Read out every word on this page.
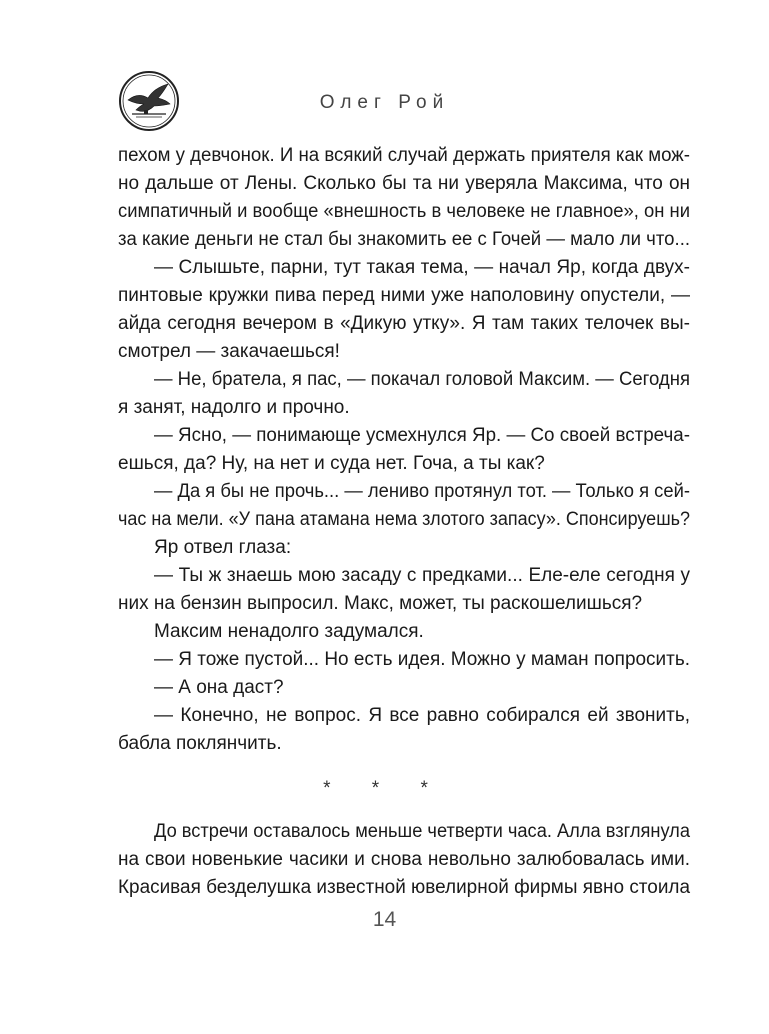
Олег Рой
пехом у девчонок. И на всякий случай держать приятеля как мож-
но дальше от Лены. Сколько бы та ни уверяла Максима, что он
симпатичный и вообще «внешность в человеке не главное», он ни
за какие деньги не стал бы знакомить ее с Гочей — мало ли что...
— Слышьте, парни, тут такая тема, — начал Яр, когда двух-
пинтовые кружки пива перед ними уже наполовину опустели, —
айда сегодня вечером в «Дикую утку». Я там таких телочек вы-
смотрел — закачаешься!
— Не, брателa, я пас, — покачал головой Максим. — Сегодня
я занят, надолго и прочно.
— Ясно, — понимающе усмехнулся Яр. — Со своей встреча-
ешься, да? Ну, на нет и суда нет. Гоча, а ты как?
— Да я бы не прочь... — лениво протянул тот. — Только я сей-
час на мели. «У пана атамана нема злотого запасу». Спонсируешь?
Яр отвел глаза:
— Ты ж знаешь мою засаду с предками... Еле-еле сегодня у
них на бензин выпросил. Макс, может, ты раскошелишься?
Максим ненадолго задумался.
— Я тоже пустой... Но есть идея. Можно у маман попросить.
— А она даст?
— Конечно, не вопрос. Я все равно собирался ей звонить,
бабла поклянчить.
* * *
До встречи оставалось меньше четверти часа. Алла взглянула
на свои новенькие часики и снова невольно залюбовалась ими.
Красивая безделушка известной ювелирной фирмы явно стоила
14
